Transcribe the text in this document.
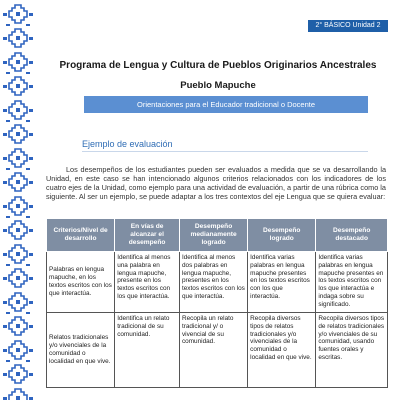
2° BÁSICO Unidad 2
Programa de Lengua y Cultura de Pueblos Originarios Ancestrales
Pueblo Mapuche
Orientaciones para el Educador tradicional o Docente
Ejemplo de evaluación

Los desempeños de los estudiantes pueden ser evaluados a medida que se va desarrollando la Unidad, en este caso se han intencionado algunos criterios relacionados con los indicadores de los cuatro ejes de la Unidad, como ejemplo para una actividad de evaluación, a partir de una rúbrica como la siguiente. Al ser un ejemplo, se puede adaptar a los tres contextos del eje Lengua que se quiera evaluar:

Criterios/Nivel de desarrollo	En vías de alcanzar el desempeño	Desempeño medianamente logrado	Desempeño logrado	Desempeño destacado
Palabras en lengua mapuche, en los textos escritos con los que interactúa.	Identifica al menos una palabra en lengua mapuche, presente en los textos escritos con los que interactúa.	Identifica al menos dos palabras en lengua mapuche, presentes en los textos escritos con los que interactúa.	Identifica varias palabras en lengua mapuche presentes en los textos escritos con los que interactúa.	Identifica varias palabras en lengua mapuche presentes en los textos escritos con los que interactúa e indaga sobre su significado.
Relatos tradicionales y/o vivenciales de la comunidad o localidad en que vive.	Identifica un relato tradicional de su comunidad.	Recopila un relato tradicional y/ o vivencial de su comunidad.	Recopila diversos tipos de relatos tradicionales y/o vivenciales de la comunidad o localidad en que vive.	Recopila diversos tipos de relatos tradicionales y/o vivenciales de su comunidad, usando fuentes orales y escritas.
